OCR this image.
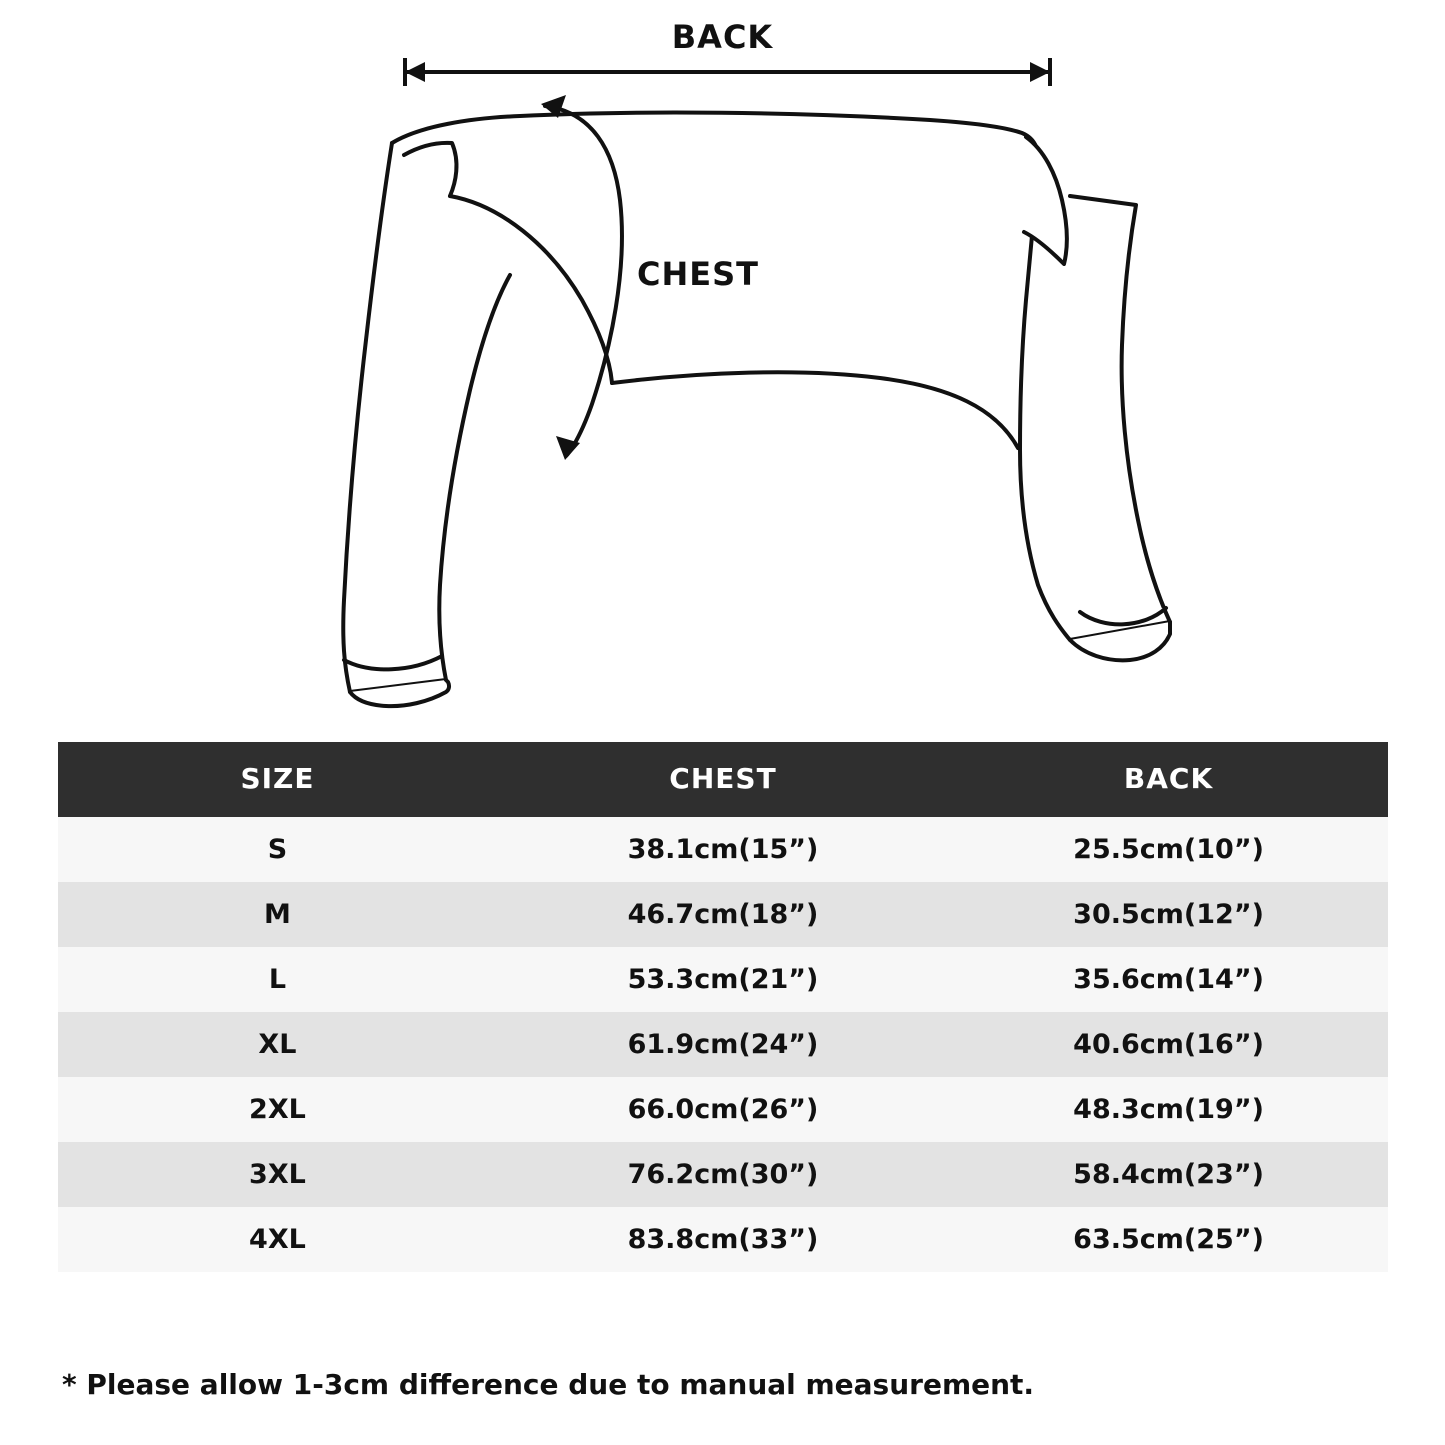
BACK
CHEST
SIZE	CHEST	BACK
S	38.1cm(15”)	25.5cm(10”)
M	46.7cm(18”)	30.5cm(12”)
L	53.3cm(21”)	35.6cm(14”)
XL	61.9cm(24”)	40.6cm(16”)
2XL	66.0cm(26”)	48.3cm(19”)
3XL	76.2cm(30”)	58.4cm(23”)
4XL	83.8cm(33”)	63.5cm(25”)
* Please allow 1-3cm difference due to manual measurement.
